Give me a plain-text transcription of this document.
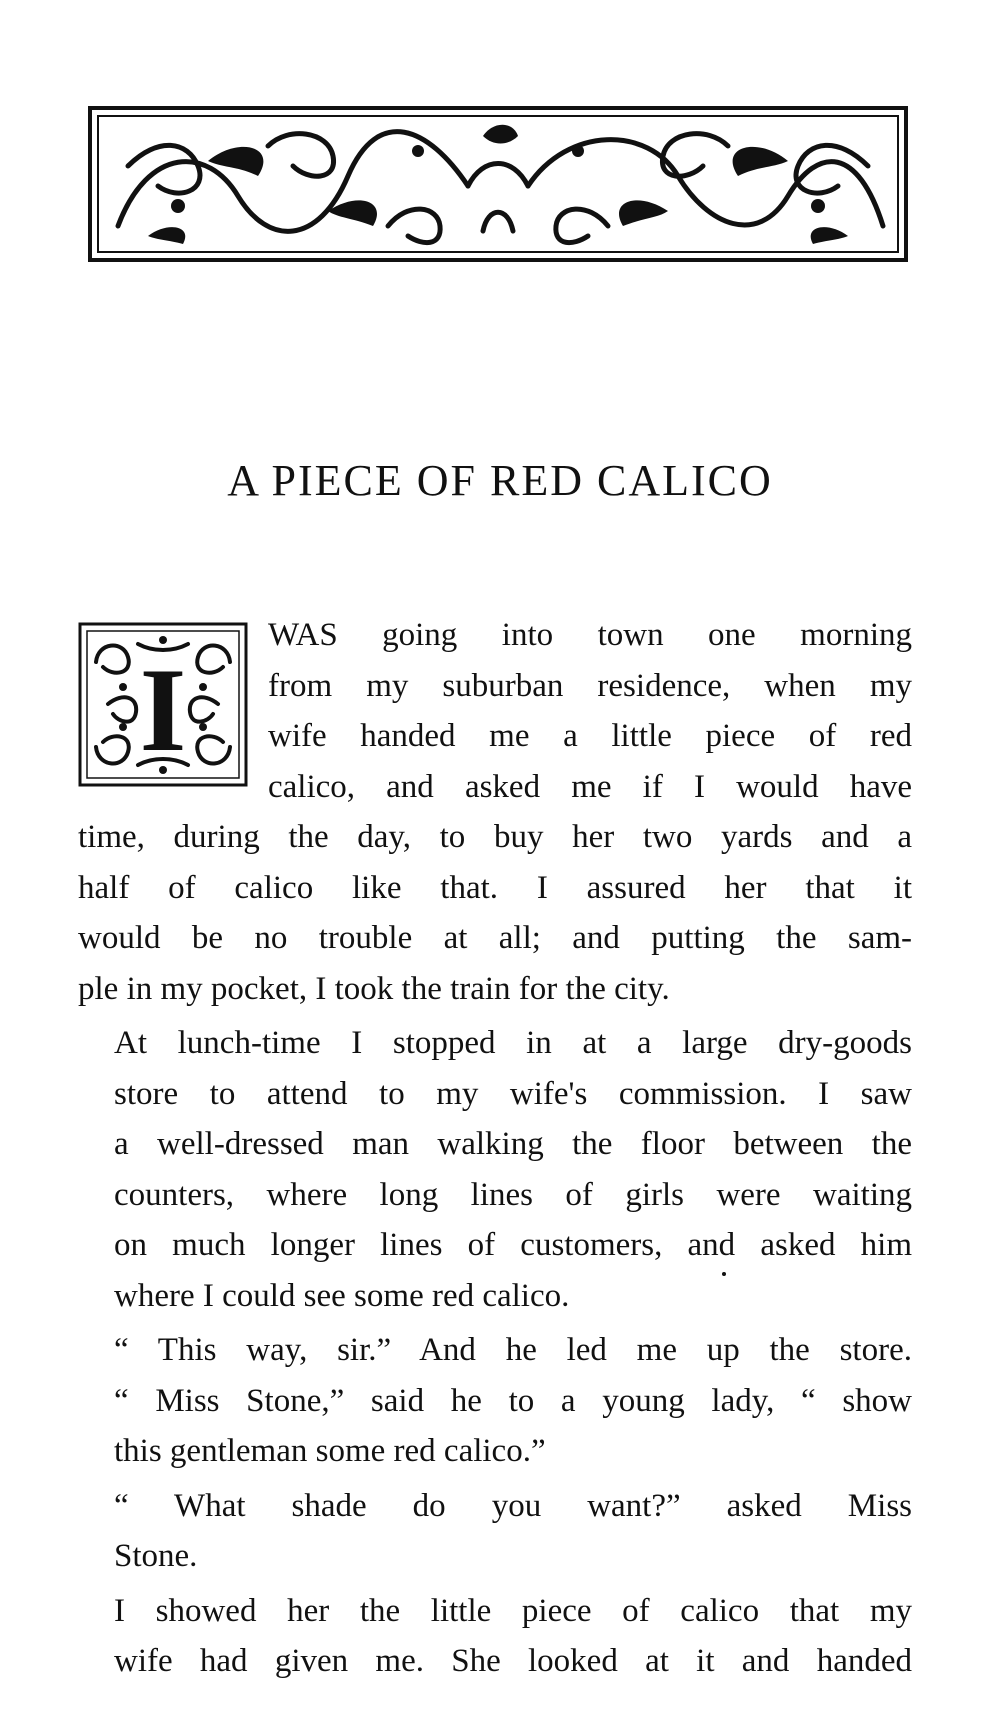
A PIECE OF RED CALICO
I

WAS going into town one morning
from my suburban residence, when my
wife handed me a little piece of red
calico, and asked me if I would have
time, during the day, to buy her two yards and a
half of calico like that. I assured her that it
would be no trouble at all; and putting the sam-
ple in my pocket, I took the train for the city.

At lunch-time I stopped in at a large dry-goods
store to attend to my wife's commission. I saw
a well-dressed man walking the floor between the
counters, where long lines of girls were waiting
on much longer lines of customers, and asked him
where I could see some red calico.

“ This way, sir.” And he led me up the store.
“ Miss Stone,” said he to a young lady, “ show
this gentleman some red calico.”

“ What shade do you want?” asked Miss
Stone.

I showed her the little piece of calico that my
wife had given me. She looked at it and handed
